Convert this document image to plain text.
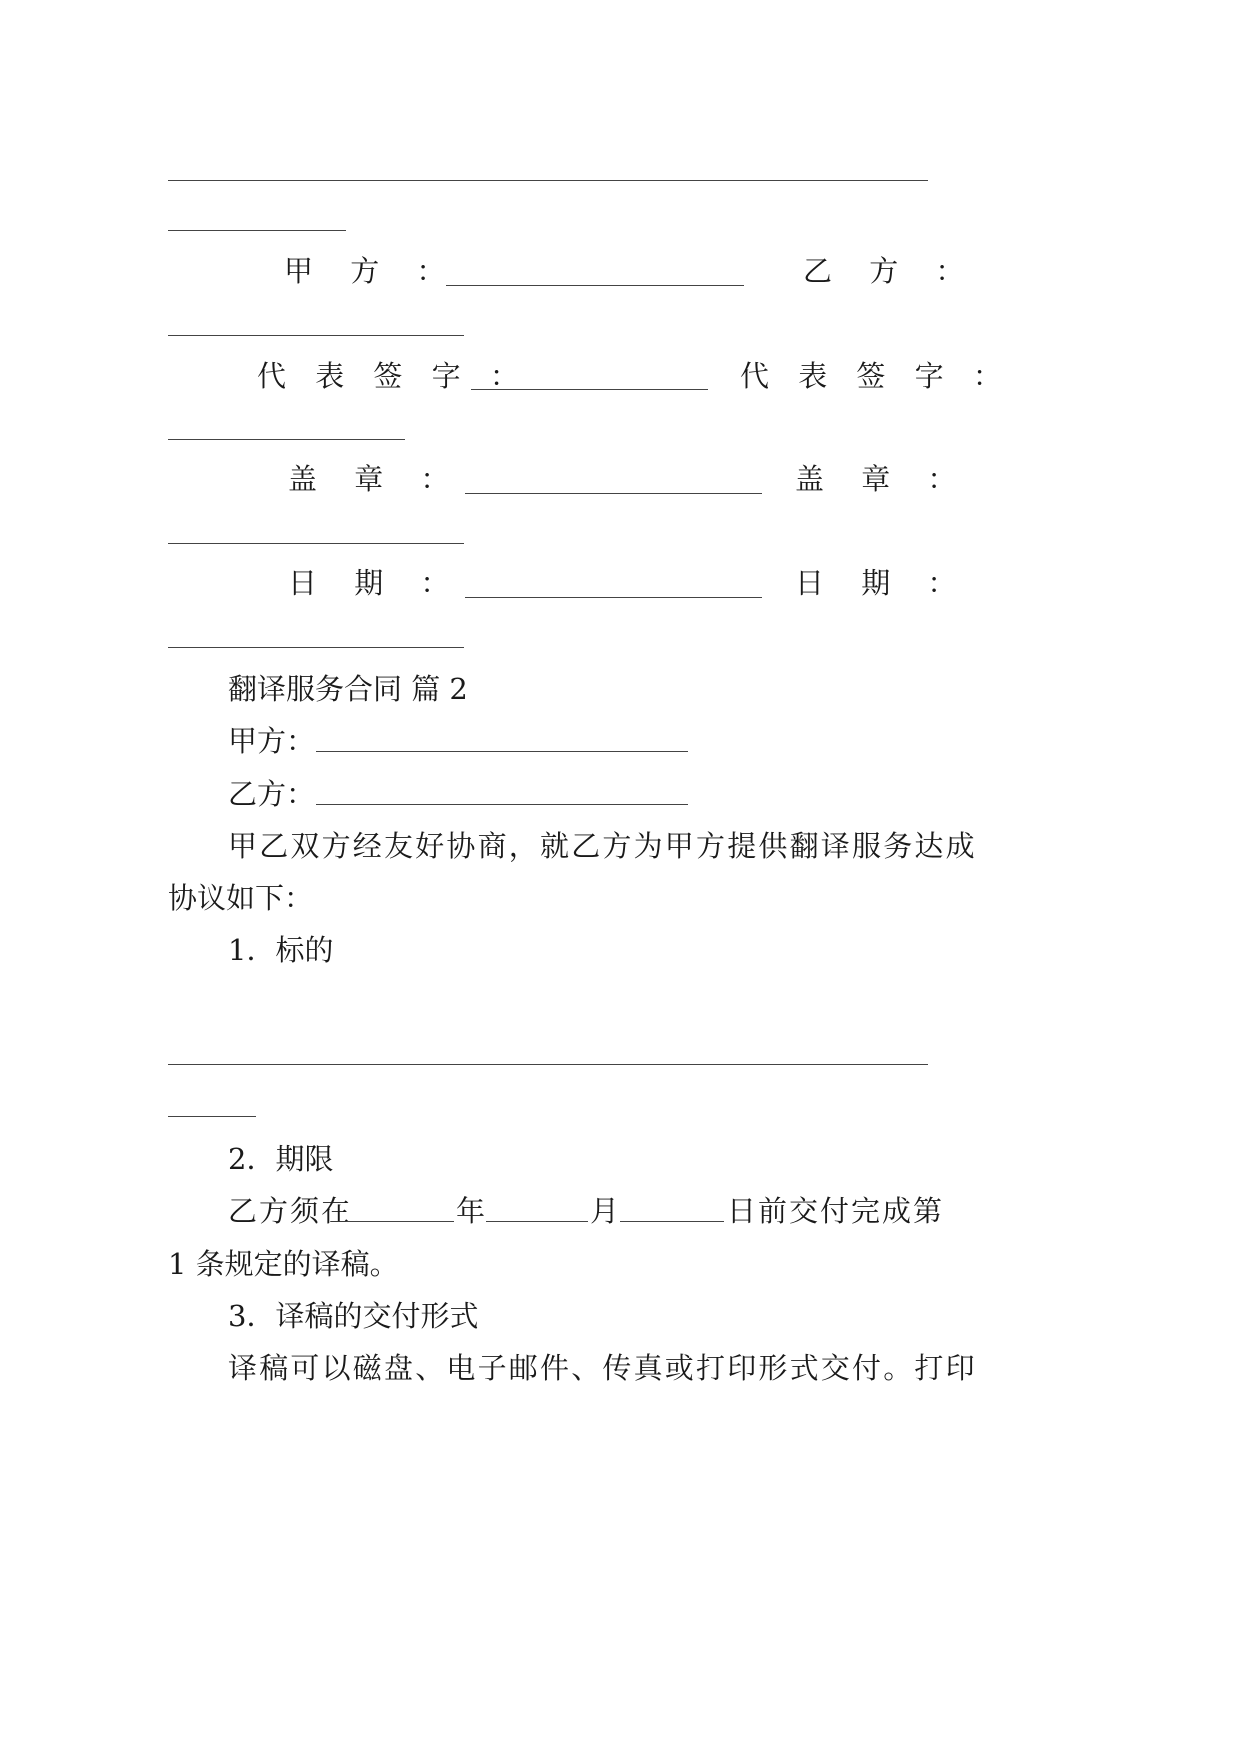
甲 方 ：	乙 方 ：
代 表 签 字 ：	代 表 签 字 ：
盖 章 ：	盖 章 ：
日 期 ：	日 期 ：
翻译服务合同 篇 2
甲方：
乙方：
甲乙双方经友好协商，就乙方为甲方提供翻译服务达成
协议如下：
1．标的
2．期限
乙方须在	年	月	日前交付完成第
1 条规定的译稿。
3．译稿的交付形式
译稿可以磁盘、电子邮件、传真或打印形式交付。打印
